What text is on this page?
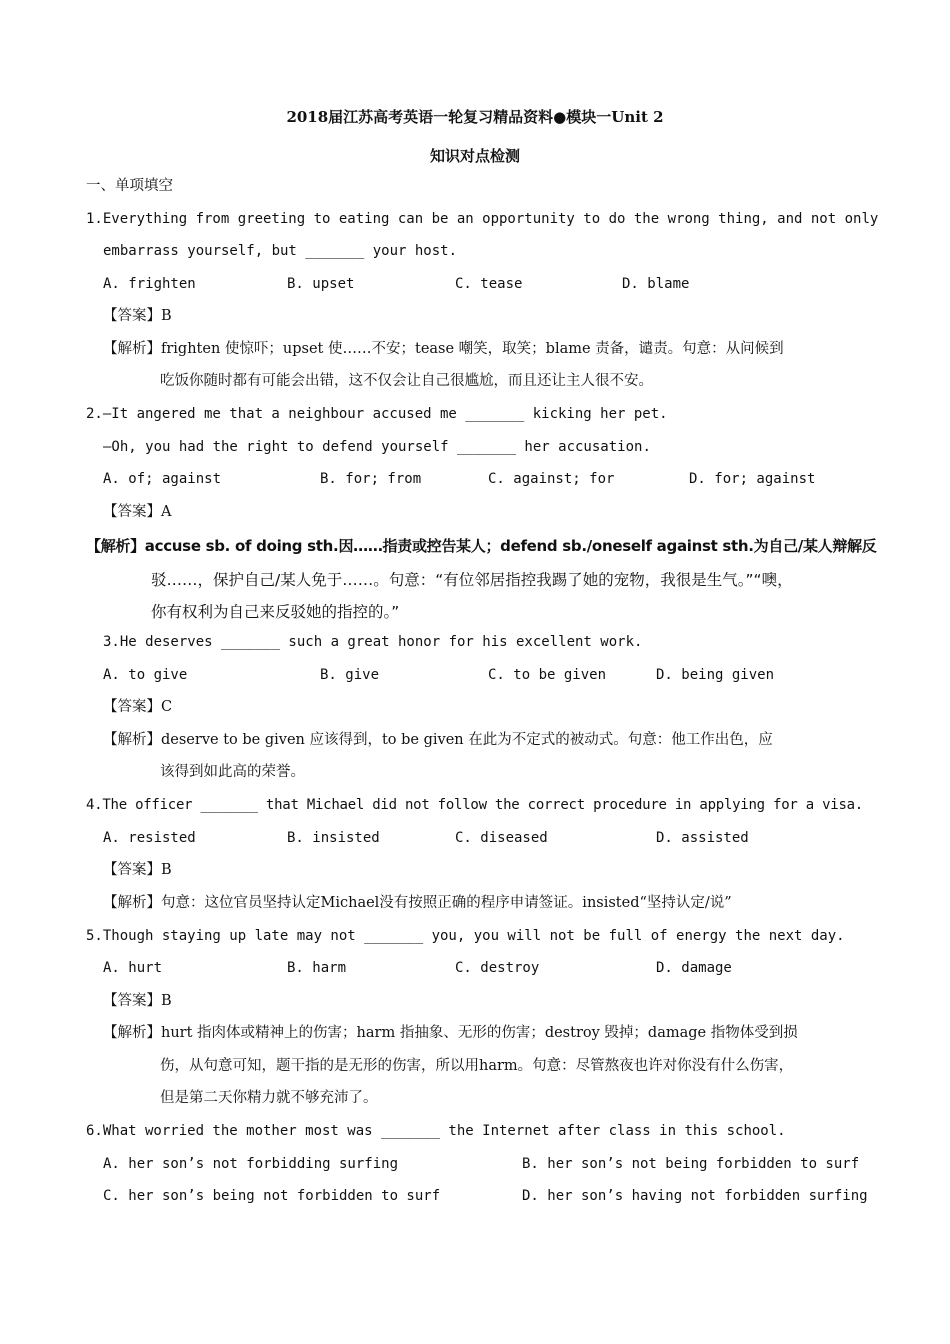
2018届江苏高考英语一轮复习精品资料●模块一Unit 2
知识对点检测
一、单项填空
1.Everything from greeting to eating can be an opportunity to do the wrong thing, and not only
embarrass yourself, but _______ your host.
A. frighten	B. upset	C. tease	D. blame
【答案】B
【解析】frighten 使惊吓；upset 使……不安；tease 嘲笑，取笑；blame 责备，谴责。句意：从问候到
吃饭你随时都有可能会出错，这不仅会让自己很尴尬，而且还让主人很不安。
2.—It angered me that a neighbour accused me _______ kicking her pet.
—Oh, you had the right to defend yourself _______ her accusation.
A. of; against	B. for; from	C. against; for	D. for; against
【答案】A
【解析】accuse sb. of doing sth.因……指责或控告某人；defend sb./oneself against sth.为自己/某人辩解反
驳……，保护自己/某人免于……。句意：“有位邻居指控我踢了她的宠物，我很是生气。”“噢，
你有权利为自己来反驳她的指控的。”
3.He deserves _______ such a great honor for his excellent work.
A. to give	B. give	C. to be given	D. being given
【答案】C
【解析】deserve to be given 应该得到，to be given 在此为不定式的被动式。句意：他工作出色，应
该得到如此高的荣誉。
4.The officer _______ that Michael did not follow the correct procedure in applying for a visa.
A. resisted	B. insisted	C. diseased	D. assisted
【答案】B
【解析】句意：这位官员坚持认定Michael没有按照正确的程序申请签证。insisted“坚持认定/说”
5.Though staying up late may not _______ you, you will not be full of energy the next day.
A. hurt	B. harm	C. destroy	D. damage
【答案】B
【解析】hurt 指肉体或精神上的伤害；harm 指抽象、无形的伤害；destroy 毁掉；damage 指物体受到损
伤，从句意可知，题干指的是无形的伤害，所以用harm。句意：尽管熬夜也许对你没有什么伤害，
但是第二天你精力就不够充沛了。
6.What worried the mother most was _______ the Internet after class in this school.
A. her son’s not forbidding surfing	B. her son’s not being forbidden to surf
C. her son’s being not forbidden to surf	D. her son’s having not forbidden surfing
